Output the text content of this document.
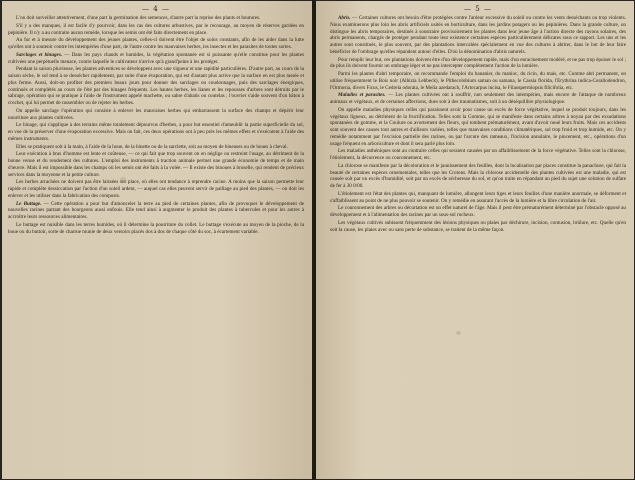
— 4 —

L'on doit surveiller attentivement, d'une part la germination des semences, d'autre part la reprise des plants et boutures.

S'il y a des manques, il est facile d'y pourvoir, dans les cas des cultures arbustives, par le recourage, au moyen de réserves gardées en pépinière. Il n'y a au contraire aucun remède, lorsque les semis ont été faits directement en place.

Au fur et à mesure du développement des jeunes plantes, celles-ci doivent être l'objet de soins constants, afin de les aider dans la lutte qu'elles ont à soutenir contre les intempéries d'une part, de l'autre contre les mauvaises herbes, les insectes et les parasites de toutes sortes.

Sarclages et binages. — Dans les pays chauds et humides, la végétation spontanée est si puissante qu'elle constitue pour les plantes cultivées une perpétuelle menace, contre laquelle le cultivateur n'arrive qu'à grand'peine à les protéger.

Pendant la saison pluvieuse, les plantes adventices se développent avec une vigueur et une rapidité particulières. D'autre part, au cours de la saison sèche, le sol tend à se dessécher rapidement, par suite d'une évaporation, qui est d'autant plus active que la surface en est plus tassée et plus ferme. Aussi, doit-on profiter des premiers beaux jours pour donner des sarclages ou coudonnages, puis des sarclages énergiques, continués et complétés au cours de l'été par des binages fréquents. Les hautes herbes, les lianes et les repousses d'arbres sont détruits par le sabrage, opération qui se pratique à l'aide de l'instrument appelé machette, ou sabre d'abatis ou coutelas ; l'ouvrier s'aide souvent d'un bâton à crochet, qui lui permet de rassembler ou de rejeter les herbes.

On appelle sarclage l'opération qui consiste à enlever les mauvaises herbes qui embarrassent la surface des champs et dépérir leur nourriture aux plantes cultivées.

Le binage, qui s'applique à des terrains même totalement dépourvus d'herbes, a pour but essentiel d'ameublir la partie superficielle du sol, en vue de la préserver d'une évaporation excessive. Mais on fait, ces deux opérations ont à peu près les mêmes effets et s'exécutent à l'aide des mêmes instruments.

Elles se pratiquent soit à la main, à l'aide de la houe, de la binette ou de la sarclette, soit au moyen de bineuses ou de houes à cheval.

Leur exécution à bras d'homme est lente et coûteuse, — ce qui fait que trop souvent on en néglige ou restreint l'usage, au détriment de la bonne venue et du rendement des cultures. L'emploi des instruments à traction animale permet une grande économie de temps et de main d'œuvre. Mais il est impossible dans les champs où les semis ont été faits à la volée. — Il existe des binoues à broselle, qui rendent de précieux services dans la moyenne et la petite culture.

Les herbes arrachées ne doivent pas être laissées sur place, où elles ont tendance à reprendre racine. A moins que la saison permette leur rapide et complète dessiccation par l'action d'un soleil ardent, — auquel cas elles peuvent servir de paillage au pied des plantes, — on doit les enlever et les utiliser dans la fabrication des composts.

Le Buttage. — Cette opération a pour but d'amonceler la terre au pied de certaines plantes, afin de provoquer le développement de nouvelles racines partant des bourgeons aussi enfouis. Elle tend ainsi à augmenter le produit des plantes à tubercules et pour les autres à accroître leurs ressources alimentaires.

Le buttage est nuisible dans les terres humides, où il détermine la pourriture du collet. Le buttage s'exécute au moyen de la pioche, de la houe ou du buttoir, sorte de charrue munie de deux versoirs placés dos à dos de chaque côté du soc, à écartement variable.

— 5 —

Abris. — Certaines cultures ont besoin d'être protégées contre l'ardeur excessive du soleil ou contre les vents desséchants ou trop violents. Nous examinerons plus loin les abris artificiels usités en horticulture, dans les jardins potagers ou les pépinières. Dans la grande culture, on distingue les abris temporaires, destinés à soustraire provisoirement les plantes dans leur jeune âge à l'action directe des rayons solaires, des abris permanents, chargés de protéger pendant toute leur existence certaines espèces particulièrement délicates sous ce rapport. Les uns et les autres sont constitués, le plus souvent, par des plantations intercalées spécialement en vue des cultures à abriter, dans le but de leur faire bénéficier de l'ombrage qu'elles répandent autour d'elles. D'où la dénomination d'abris naturels.

Pour remplir leur but, ces plantations doivent être d'un développement rapide, mais d'un enracinement modéré, et ne pas trop épuiser le sol ; de plus ils doivent fournir un ombrage léger et ne pas intercepter complètement l'action de la lumière.

Parmi les plantes d'abri temporaire, on recommande l'emploi du bananier, du manioc, du ricin, du mais, etc. Comme abri permanent, on utilise fréquemment le Bois noir (Albizia Lebbeck), le Pithecolobium saman ou samana, le Cassia florida, l'Erythrina indica-Corallodendron, l'Ormosia, divers Ficus, le Cedrela odorata, le Melia azedarach, l'Artocarpus incisa, le Filaospermiopsis filicifolia, etc.

Maladies et parasites. — Les plantes cultivées ont à souffrir, non seulement des intempéries, mais encore de l'attaque de nombreux animaux et végétaux, et de certaines affections, dues soit à des traumatismes, soit à un déséquilibre physiologique.

On appelle maladies physiques celles qui paraissent avoir pour cause un excès de force végétative, lequel se produit toujours, dans les végétaux ligneux, au détriment de la fructification. Telles sont la Gomme, qui se manifeste dans certains arbres à noyau par des exsudations spontanées de gomme, et la Coulure ou avortement des fleurs, qui tombent prématurément, avant d'avoir noué leurs fruits. Mais ces accidents sont souvent des causes tout autres et d'ailleurs variées, telles que mauvaises conditions climatériques, sol trop froid et trop humide, etc. On y remédie notamment par l'excision partielle des racines, ou par l'arcure des rameaux, l'incision annulaire, le pincement, etc., opérations d'un usage fréquent en arboriculture et dont il sera parlé plus loin.

Les maladies asthéniques sont au contraire celles qui seraient causées par un affaiblissement de la force végétative. Telles sont la chlorose, l'étiolement, la décurrence ou couronnement, etc.

La chlorose se manifeste par la décoloration et le jaunissement des feuilles, dont la localisation par places constitue la panachure, qui fait la beauté de certaines espèces ornementales, telles que les Crotons. Mais la chlorose accidentelle des plantes cultivées est une maladie, qui est causée soit par un excès d'humidité, soit par un excès de sécheresse du sol, et qu'on traite en répandant au pied du sujet une solution de sulfate de fer à 30 0/00.

L'étiolement est l'état des plantes qui, manquant de lumière, allongent leurs tiges et leurs feuilles d'une manière anormale, se déforment et s'affaiblissent au point de ne plus pouvoir se soutenir. On y remédie en assurant l'accès de la lumière et la libre circulation de l'air.

Le couronnement des arbres ou décurtation est un effet naturel de l'âge. Mais il peut être prématurément déterminé par l'obstacle opposé au développement et à l'alimentation des racines par un sous-sol rocheux.

Les végétaux cultivés subissent fréquemment des lésions physiques ou plaies par déchirure, incision, contusion, brûlure, etc. Quelle qu'en soit la cause, les plaies avec ou sans perte de substance, se traitent de la même façon.
